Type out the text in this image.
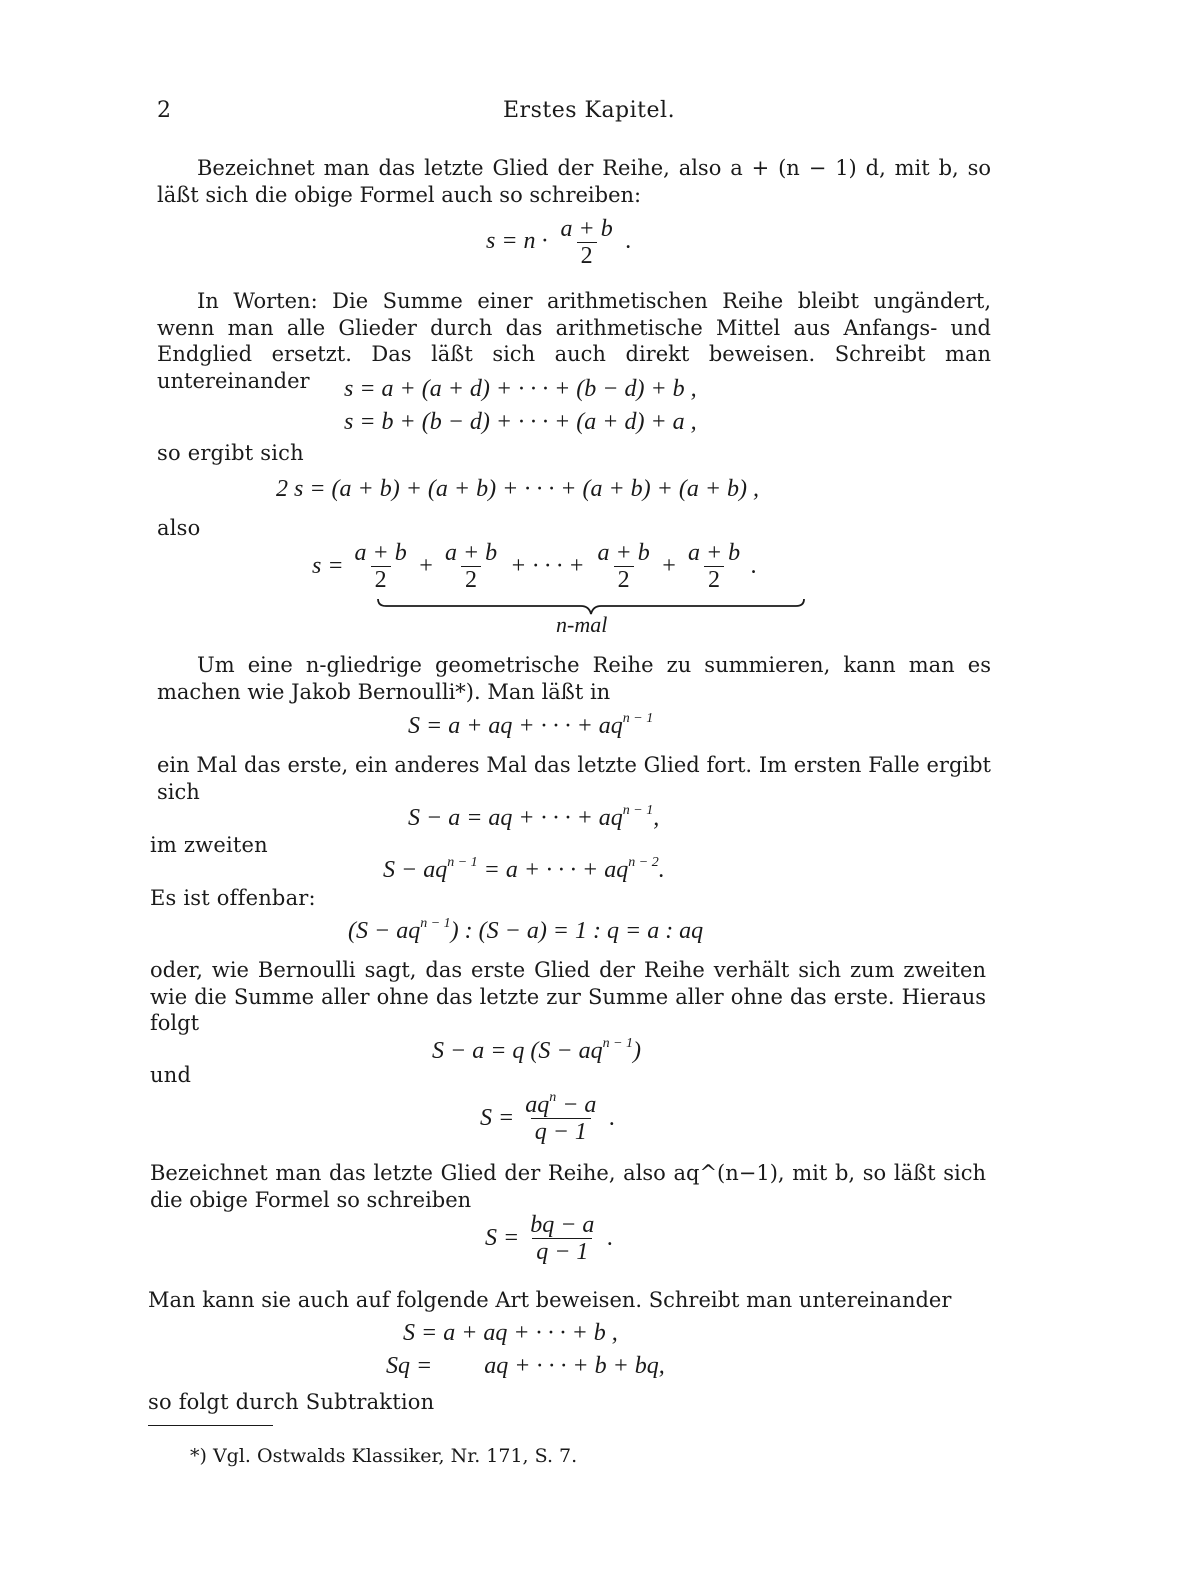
2	Erstes Kapitel.
Bezeichnet man das letzte Glied der Reihe, also a + (n − 1) d, mit b, so läßt sich die obige Formel auch so schreiben:
$s = n \cdot \frac{a + b}{2}$ .
In Worten: Die Summe einer arithmetischen Reihe bleibt ungändert, wenn man alle Glieder durch das arithmetische Mittel aus Anfangs- und Endglied ersetzt. Das läßt sich auch direkt beweisen. Schreibt man untereinander	s = a + (a + d) + · · · + (b − d) + b ,
s = b + (b − d) + · · · + (a + d) + a ,
so ergibt sich
2 s = (a + b) + (a + b) + · · · + (a + b) + (a + b) ,
also
$s = \frac{a + b}{2} + \frac{a + b}{2}$ + · · · + $\frac{a + b}{2} + \frac{a + b}{2}$ .
n-mal
Um eine n-gliedrige geometrische Reihe zu summieren, kann man es machen wie Jakob Bernoulli*). Man läßt in
S = a + aq + · · · + $aq^{n - 1}$
ein Mal das erste, ein anderes Mal das letzte Glied fort. Im ersten Falle ergibt sich
S − a = aq + · · · + $aq^{n - 1}$,
im zweiten
$S - aq^{n - 1} = a$ + · · · + $aq^{n - 2}$.
Es ist offenbar:
$(S - aq^{n - 1})$ : (S − a) = 1 : q = a : aq
oder, wie Bernoulli sagt, das erste Glied der Reihe verhält sich zum zweiten wie die Summe aller ohne das letzte zur Summe aller ohne das erste. Hieraus folgt
S − a = q $(S - aq^{n - 1})$
und
$S = \frac{aq^n - a}{q - 1}$ .
Bezeichnet man das letzte Glied der Reihe, also aq^(n−1), mit b, so läßt sich die obige Formel so schreiben
$S = \frac{bq - a}{q - 1}$ .
Man kann sie auch auf folgende Art beweisen. Schreibt man untereinander
S = a + aq + · · · + b ,
Sq = aq + · · · + b + bq,
so folgt durch Subtraktion
*) Vgl. Ostwalds Klassiker, Nr. 171, S. 7.
